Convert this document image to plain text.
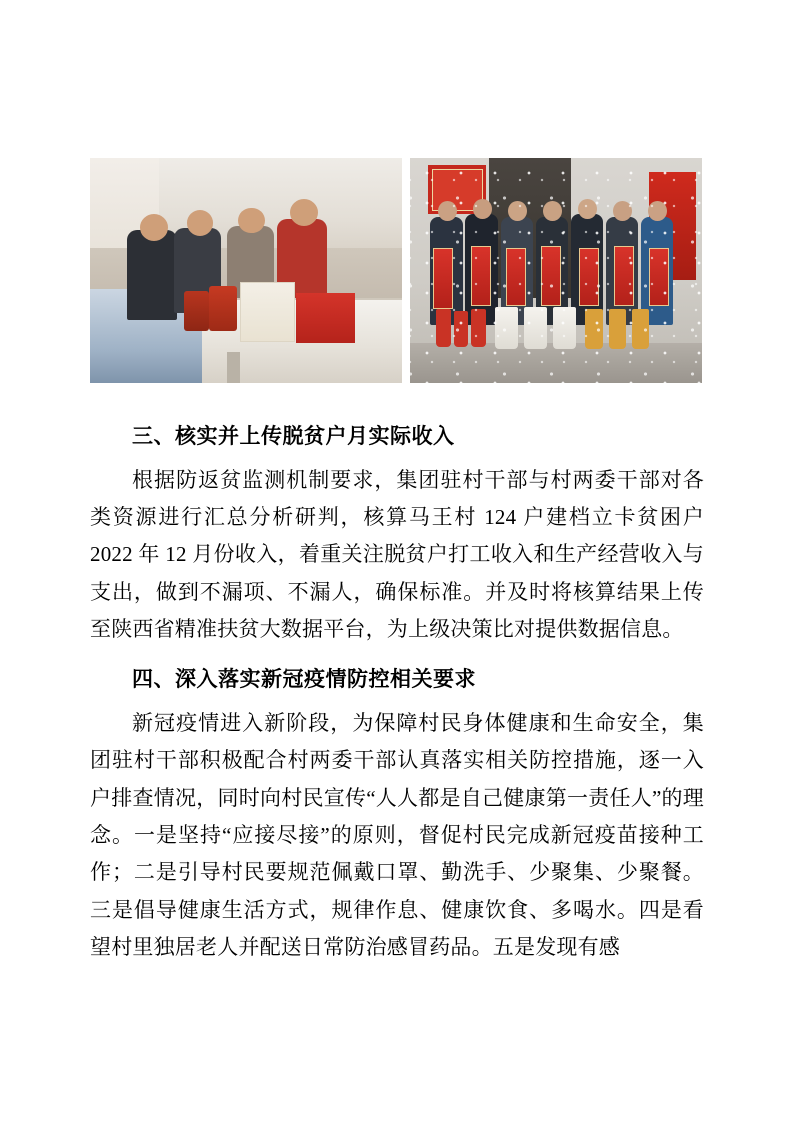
三、核实并上传脱贫户月实际收入

根据防返贫监测机制要求，集团驻村干部与村两委干部对各类资源进行汇总分析研判，核算马王村 124 户建档立卡贫困户 2022 年 12 月份收入，着重关注脱贫户打工收入和生产经营收入与支出，做到不漏项、不漏人，确保标准。并及时将核算结果上传至陕西省精准扶贫大数据平台，为上级决策比对提供数据信息。

四、深入落实新冠疫情防控相关要求

新冠疫情进入新阶段，为保障村民身体健康和生命安全，集团驻村干部积极配合村两委干部认真落实相关防控措施，逐一入户排查情况，同时向村民宣传“人人都是自己健康第一责任人”的理念。一是坚持“应接尽接”的原则，督促村民完成新冠疫苗接种工作；二是引导村民要规范佩戴口罩、勤洗手、少聚集、少聚餐。三是倡导健康生活方式，规律作息、健康饮食、多喝水。四是看望村里独居老人并配送日常防治感冒药品。五是发现有感
